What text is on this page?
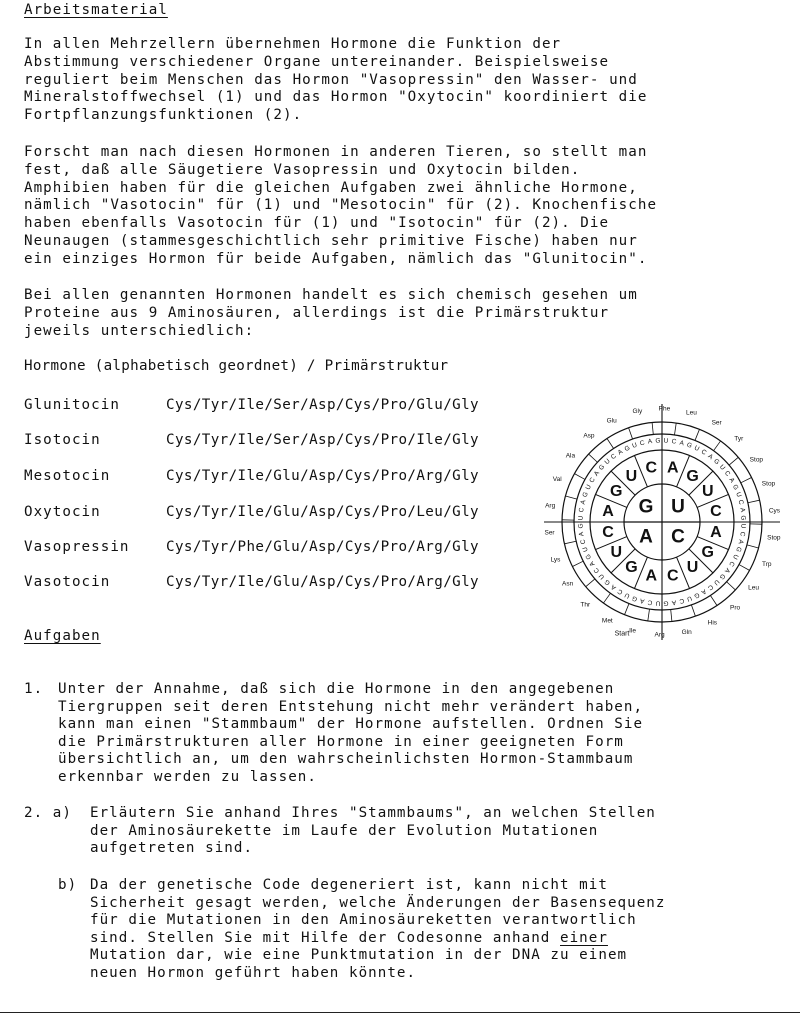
Arbeitsmaterial

In allen Mehrzellern übernehmen Hormone die Funktion der
Abstimmung verschiedener Organe untereinander. Beispielsweise
reguliert beim Menschen das Hormon "Vasopressin" den Wasser- und
Mineralstoffwechsel (1) und das Hormon "Oxytocin" koordiniert die
Fortpflanzungsfunktionen (2).

Forscht man nach diesen Hormonen in anderen Tieren, so stellt man
fest, daß alle Säugetiere Vasopressin und Oxytocin bilden.
Amphibien haben für die gleichen Aufgaben zwei ähnliche Hormone,
nämlich "Vasotocin" für (1) und "Mesotocin" für (2). Knochenfische
haben ebenfalls Vasotocin für (1) und "Isotocin" für (2). Die
Neunaugen (stammesgeschichtlich sehr primitive Fische) haben nur
ein einziges Hormon für beide Aufgaben, nämlich das "Glunitocin".

Bei allen genannten Hormonen handelt es sich chemisch gesehen um
Proteine aus 9 Aminosäuren, allerdings ist die Primärstruktur
jeweils unterschiedlich:

Hormone (alphabetisch geordnet) / Primärstruktur
Glunitocin	Cys/Tyr/Ile/Ser/Asp/Cys/Pro/Glu/Gly
Isotocin	Cys/Tyr/Ile/Ser/Asp/Cys/Pro/Ile/Gly
Mesotocin	Cys/Tyr/Ile/Glu/Asp/Cys/Pro/Arg/Gly
Oxytocin	Cys/Tyr/Ile/Glu/Asp/Cys/Pro/Leu/Gly
Vasopressin	Cys/Tyr/Phe/Glu/Asp/Cys/Pro/Arg/Gly
Vasotocin	Cys/Tyr/Ile/Glu/Asp/Cys/Pro/Arg/Gly
G U
A C
A
G
U C A G
U
C
A
G
U
C
A
G
U
C
U
C
A
G
U
C
A
G
U
C
A G U C A G U C A G U C
A
G
U
C
A
G
U
C
A
G
U
C
A
G
U
C
A
G
U
C
A
G
U
C
A
G
U
C
A
G
U
C
A
G
U
C
A
G
U
C
A
G
Gly	Phe
Leu
Ser
Tyr
Stop
Stop
Cys
Stop
Trp
Leu
Pro
His
Gln
Arg
Ile
Met
Thr
Asn
Lys
Ser
Arg
Val
Ala
Asp
Glu
Start
Aufgaben
1. Unter der Annahme, daß sich die Hormone in den angegebenen
Tiergruppen seit deren Entstehung nicht mehr verändert haben,
kann man einen "Stammbaum" der Hormone aufstellen. Ordnen Sie
die Primärstrukturen aller Hormone in einer geeigneten Form
übersichtlich an, um den wahrscheinlichsten Hormon-Stammbaum
erkennbar werden zu lassen.

2. a) Erläutern Sie anhand Ihres "Stammbaums", an welchen Stellen
der Aminosäurekette im Laufe der Evolution Mutationen
aufgetreten sind.

b) Da der genetische Code degeneriert ist, kann nicht mit
Sicherheit gesagt werden, welche Änderungen der Basensequenz
für die Mutationen in den Aminosäureketten verantwortlich
sind. Stellen Sie mit Hilfe der Codesonne anhand einer
Mutation dar, wie eine Punktmutation in der DNA zu einem
neuen Hormon geführt haben könnte.
